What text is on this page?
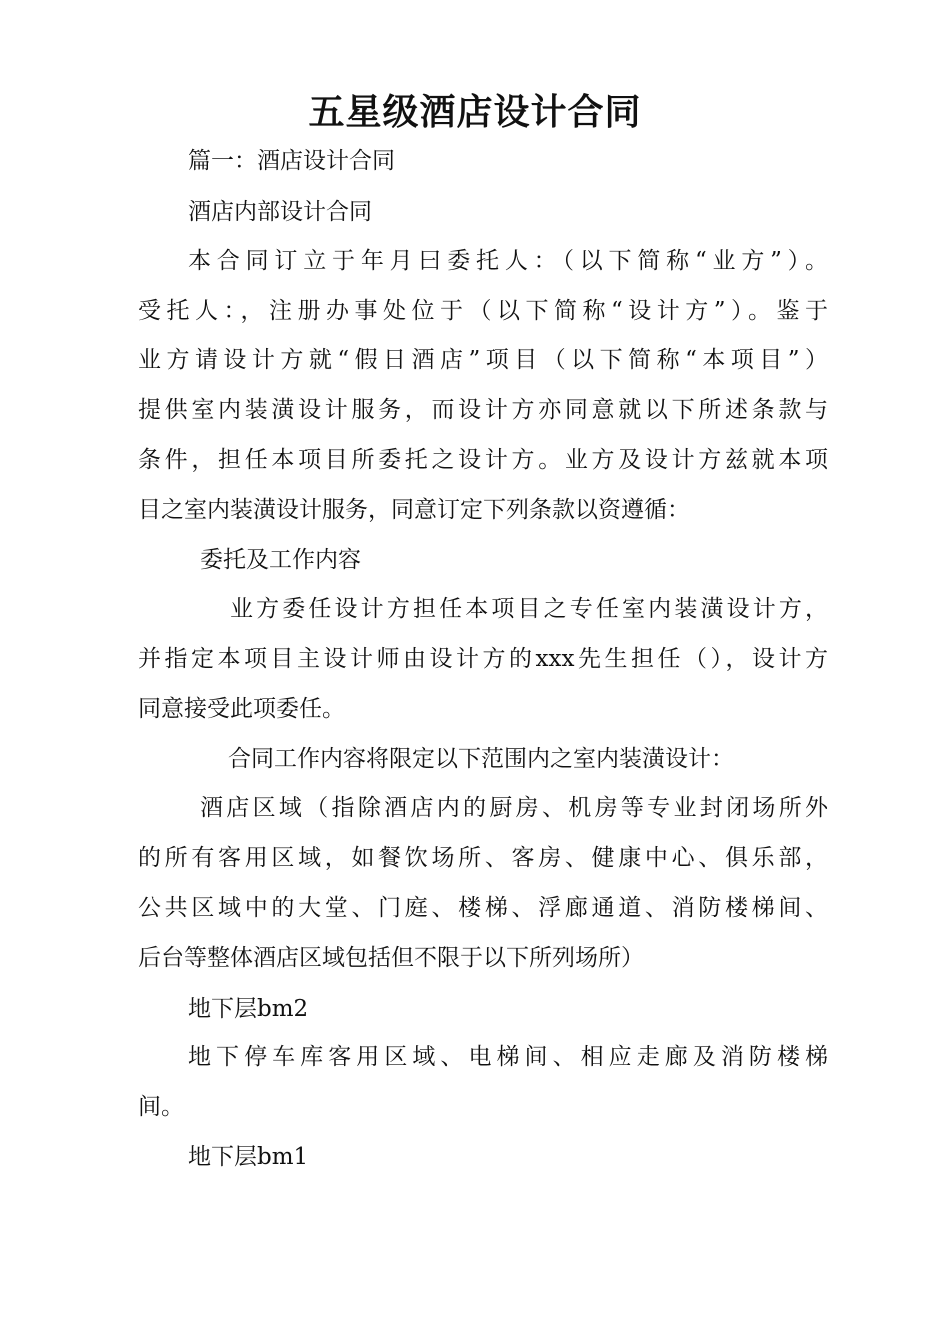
五星级酒店设计合同
篇一：酒店设计合同
酒店内部设计合同
本合同订立于年月曰委托人：（以下简称“业方”）。
受托人：，注册办事处位于（以下简称“设计方”）。鉴于
业方请设计方就“假日酒店”项目（以下简称“本项目”）
提供室内装潢设计服务，而设计方亦同意就以下所述条款与
条件，担任本项目所委托之设计方。业方及设计方兹就本项
目之室内装潢设计服务，同意订定下列条款以资遵循：
委托及工作内容
业方委任设计方担任本项目之专任室内装潢设计方，
并指定本项目主设计师由设计方的xxx先生担任（），设计方
同意接受此项委任。
合同工作内容将限定以下范围内之室内装潢设计：
酒店区域（指除酒店内的厨房、机房等专业封闭场所外
的所有客用区域，如餐饮场所、客房、健康中心、俱乐部，
公共区域中的大堂、门庭、楼梯、浮廊通道、消防楼梯间、
后台等整体酒店区域包括但不限于以下所列场所）
地下层bm2
地下停车库客用区域、电梯间、相应走廊及消防楼梯
间。
地下层bm1
